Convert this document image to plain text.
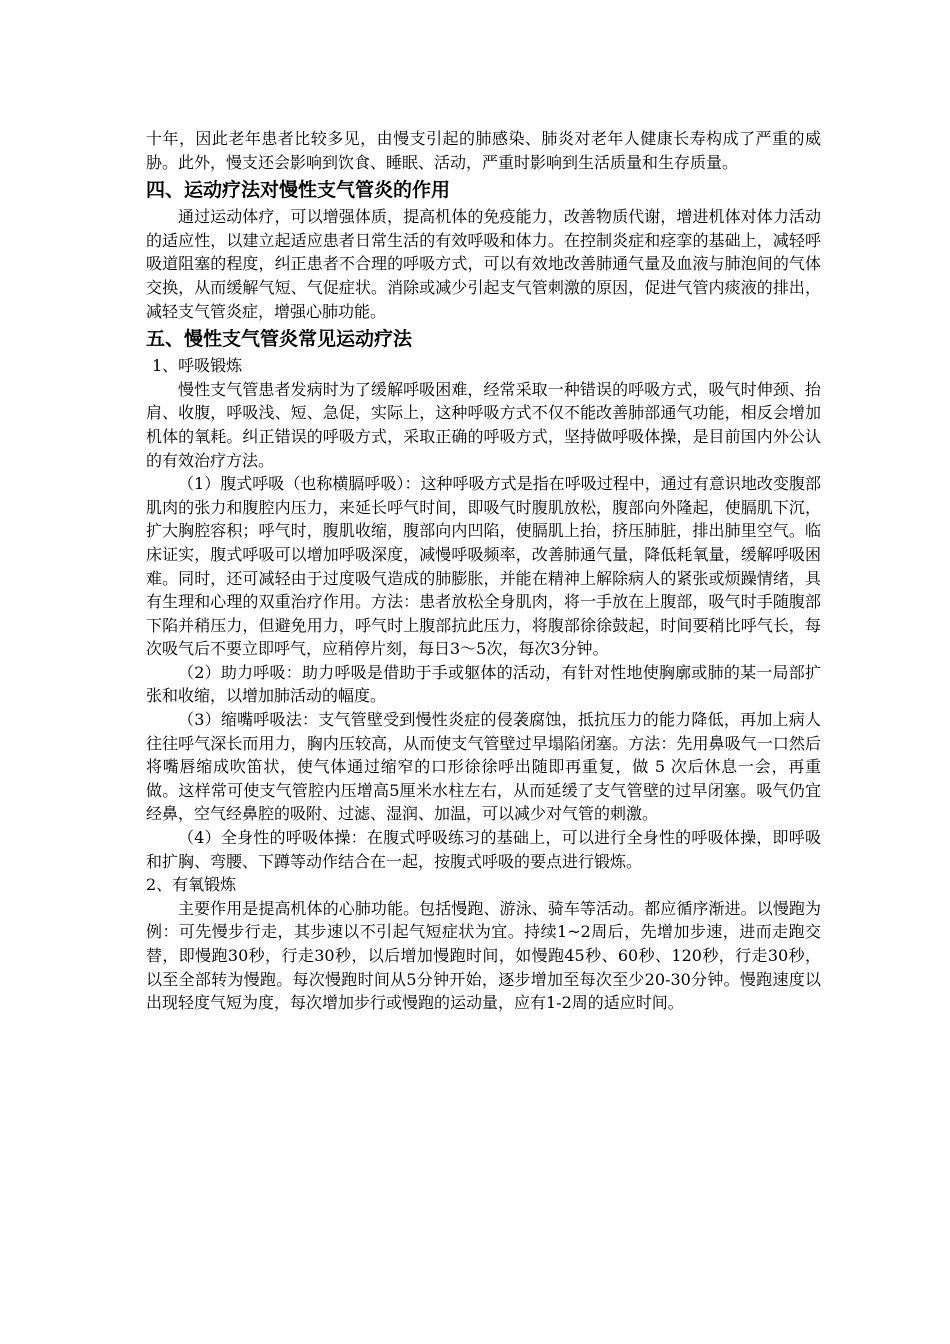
十年，因此老年患者比较多见，由慢支引起的肺感染、肺炎对老年人健康长寿构成了严重的威胁。此外，慢支还会影响到饮食、睡眠、活动，严重时影响到生活质量和生存质量。

四、运动疗法对慢性支气管炎的作用

通过运动体疗，可以增强体质，提高机体的免疫能力，改善物质代谢，增进机体对体力活动的适应性，以建立起适应患者日常生活的有效呼吸和体力。在控制炎症和痉挛的基础上，减轻呼吸道阻塞的程度，纠正患者不合理的呼吸方式，可以有效地改善肺通气量及血液与肺泡间的气体交换，从而缓解气短、气促症状。消除或减少引起支气管刺激的原因，促进气管内痰液的排出，减轻支气管炎症，增强心肺功能。

五、慢性支气管炎常见运动疗法

1、呼吸锻炼

慢性支气管患者发病时为了缓解呼吸困难，经常采取一种错误的呼吸方式，吸气时伸颈、抬肩、收腹，呼吸浅、短、急促，实际上，这种呼吸方式不仅不能改善肺部通气功能，相反会增加机体的氧耗。纠正错误的呼吸方式，采取正确的呼吸方式，坚持做呼吸体操，是目前国内外公认的有效治疗方法。

（1）腹式呼吸（也称横膈呼吸）：这种呼吸方式是指在呼吸过程中，通过有意识地改变腹部肌肉的张力和腹腔内压力，来延长呼气时间，即吸气时腹肌放松，腹部向外隆起，使膈肌下沉，扩大胸腔容积；呼气时，腹肌收缩，腹部向内凹陷，使膈肌上抬，挤压肺脏，排出肺里空气。临床证实，腹式呼吸可以增加呼吸深度，减慢呼吸频率，改善肺通气量，降低耗氧量，缓解呼吸困难。同时，还可减轻由于过度吸气造成的肺膨胀，并能在精神上解除病人的紧张或烦躁情绪，具有生理和心理的双重治疗作用。方法：患者放松全身肌肉，将一手放在上腹部，吸气时手随腹部下陷并稍压力，但避免用力，呼气时上腹部抗此压力，将腹部徐徐鼓起，时间要稍比呼气长，每次吸气后不要立即呼气，应稍停片刻，每日3～5次，每次3分钟。

（2）助力呼吸：助力呼吸是借助于手或躯体的活动，有针对性地使胸廓或肺的某一局部扩张和收缩，以增加肺活动的幅度。

（3）缩嘴呼吸法：支气管壁受到慢性炎症的侵袭腐蚀，抵抗压力的能力降低，再加上病人往往呼气深长而用力，胸内压较高，从而使支气管壁过早塌陷闭塞。方法：先用鼻吸气一口然后将嘴唇缩成吹笛状，使气体通过缩窄的口形徐徐呼出随即再重复，做 5 次后休息一会，再重做。这样常可使支气管腔内压增高5厘米水柱左右，从而延缓了支气管壁的过早闭塞。吸气仍宜经鼻，空气经鼻腔的吸附、过滤、湿润、加温，可以减少对气管的刺激。

（4）全身性的呼吸体操：在腹式呼吸练习的基础上，可以进行全身性的呼吸体操，即呼吸和扩胸、弯腰、下蹲等动作结合在一起，按腹式呼吸的要点进行锻炼。

2、有氧锻炼

主要作用是提高机体的心肺功能。包括慢跑、游泳、骑车等活动。都应循序渐进。以慢跑为例：可先慢步行走，其步速以不引起气短症状为宜。持续1~2周后，先增加步速，进而走跑交替，即慢跑30秒，行走30秒，以后增加慢跑时间，如慢跑45秒、60秒、120秒，行走30秒，以至全部转为慢跑。每次慢跑时间从5分钟开始，逐步增加至每次至少20-30分钟。慢跑速度以出现轻度气短为度，每次增加步行或慢跑的运动量，应有1-2周的适应时间。
